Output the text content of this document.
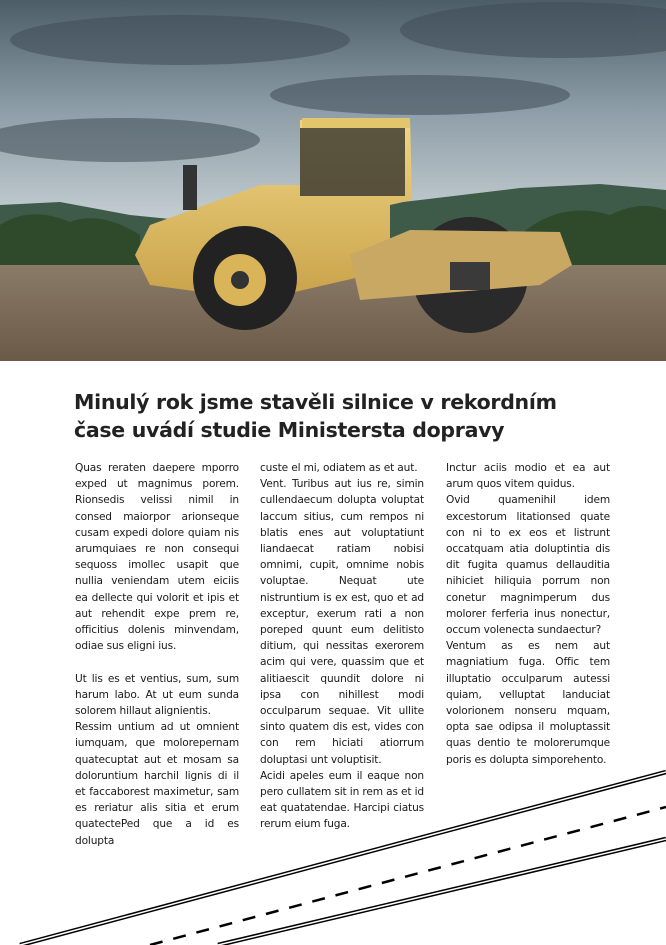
Minulý rok jsme stavěli silnice v rekordním čase uvádí studie Ministersta dopravy

Quas reraten daepere mporro exped ut magnimus porem. Rionsedis velissi nimil in consed maiorpor arionseque cusam expedi dolore quiam nis arumquiaes re non consequi sequoss imollec usapit que nullia veniendam utem eiciis ea dellecte qui volorit et ipis et aut rehendit expe prem re, officitius dolenis minvendam, odiae sus eligni ius.

Ut lis es et ventius, sum, sum harum labo. At ut eum sunda solorem hillaut alignientis.

Ressim untium ad ut omnient iumquam, que molorepernam quatecuptat aut et mosam sa doloruntium harchil lignis di il et faccaborest maximetur, sam es reriatur alis sitia et erum quatectePed que a id es dolupta

custe el mi, odiatem as et aut.

Vent. Turibus aut ius re, simin cullendaecum dolupta voluptat laccum sitius, cum rempos ni blatis enes aut voluptatiunt liandaecat ratiam nobisi omnimi, cupit, omnime nobis voluptae. Nequat ute nistruntium is ex est, quo et ad exceptur, exerum rati a non poreped quunt eum delitisto ditium, qui nessitas exerorem acim qui vere, quassim que et alitiaescit quundit dolore ni ipsa con nihillest modi occulparum sequae. Vit ullite sinto quatem dis est, vides con con rem hiciati atiorrum doluptasi unt voluptisit.

Acidi apeles eum il eaque non pero cullatem sit in rem as et id eat quatatendae. Harcipi ciatus rerum eium fuga.

Inctur aciis modio et ea aut arum quos vitem quidus.

Ovid quamenihil idem excestorum litationsed quate con ni to ex eos et listrunt occatquam atia doluptintia dis dit fugita quamus dellauditia nihiciet hiliquia porrum non conetur magnimperum dus molorer ferferia inus nonectur, occum volenecta sundaectur?

Ventum as es nem aut magniatium fuga. Offic tem illuptatio occulparum autessi quiam, velluptat landuciat volorionem nonseru mquam, opta sae odipsa il moluptassit quas dentio te molorerumque poris es dolupta simporehento.
